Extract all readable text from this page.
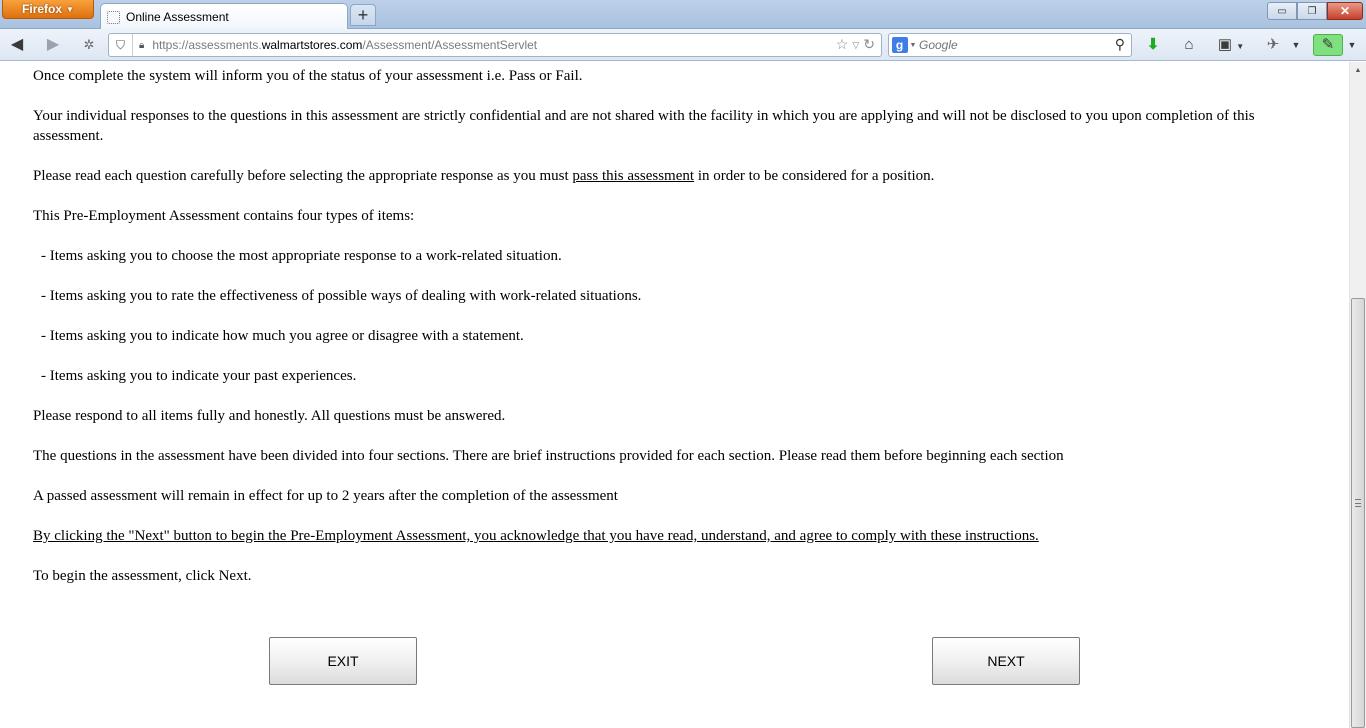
Firefox ▼
Online Assessment	+	▭	❐	✕
◀	▶	✲	⛉	🔒︎ https://assessments.walmartstores.com/Assessment/AssessmentServlet	☆ ▽ ↻	g ▼
Google	⚲	⬇	⌂	▣ ▼	✈	▼	✎	▼
Once complete the system will inform you of the status of your assessment i.e. Pass or Fail.
Your individual responses to the questions in this assessment are strictly confidential and are not shared with the facility in which you are applying and will not be disclosed to you upon completion of this assessment.
Please read each question carefully before selecting the appropriate response as you must pass this assessment in order to be considered for a position.
This Pre-Employment Assessment contains four types of items:
- Items asking you to choose the most appropriate response to a work-related situation.
- Items asking you to rate the effectiveness of possible ways of dealing with work-related situations.
- Items asking you to indicate how much you agree or disagree with a statement.
- Items asking you to indicate your past experiences.
Please respond to all items fully and honestly. All questions must be answered.
The questions in the assessment have been divided into four sections. There are brief instructions provided for each section. Please read them before beginning each section
A passed assessment will remain in effect for up to 2 years after the completion of the assessment
By clicking the "Next" button to begin the Pre-Employment Assessment, you acknowledge that you have read, understand, and agree to comply with these instructions.
To begin the assessment, click Next.
EXIT	NEXT
▲
